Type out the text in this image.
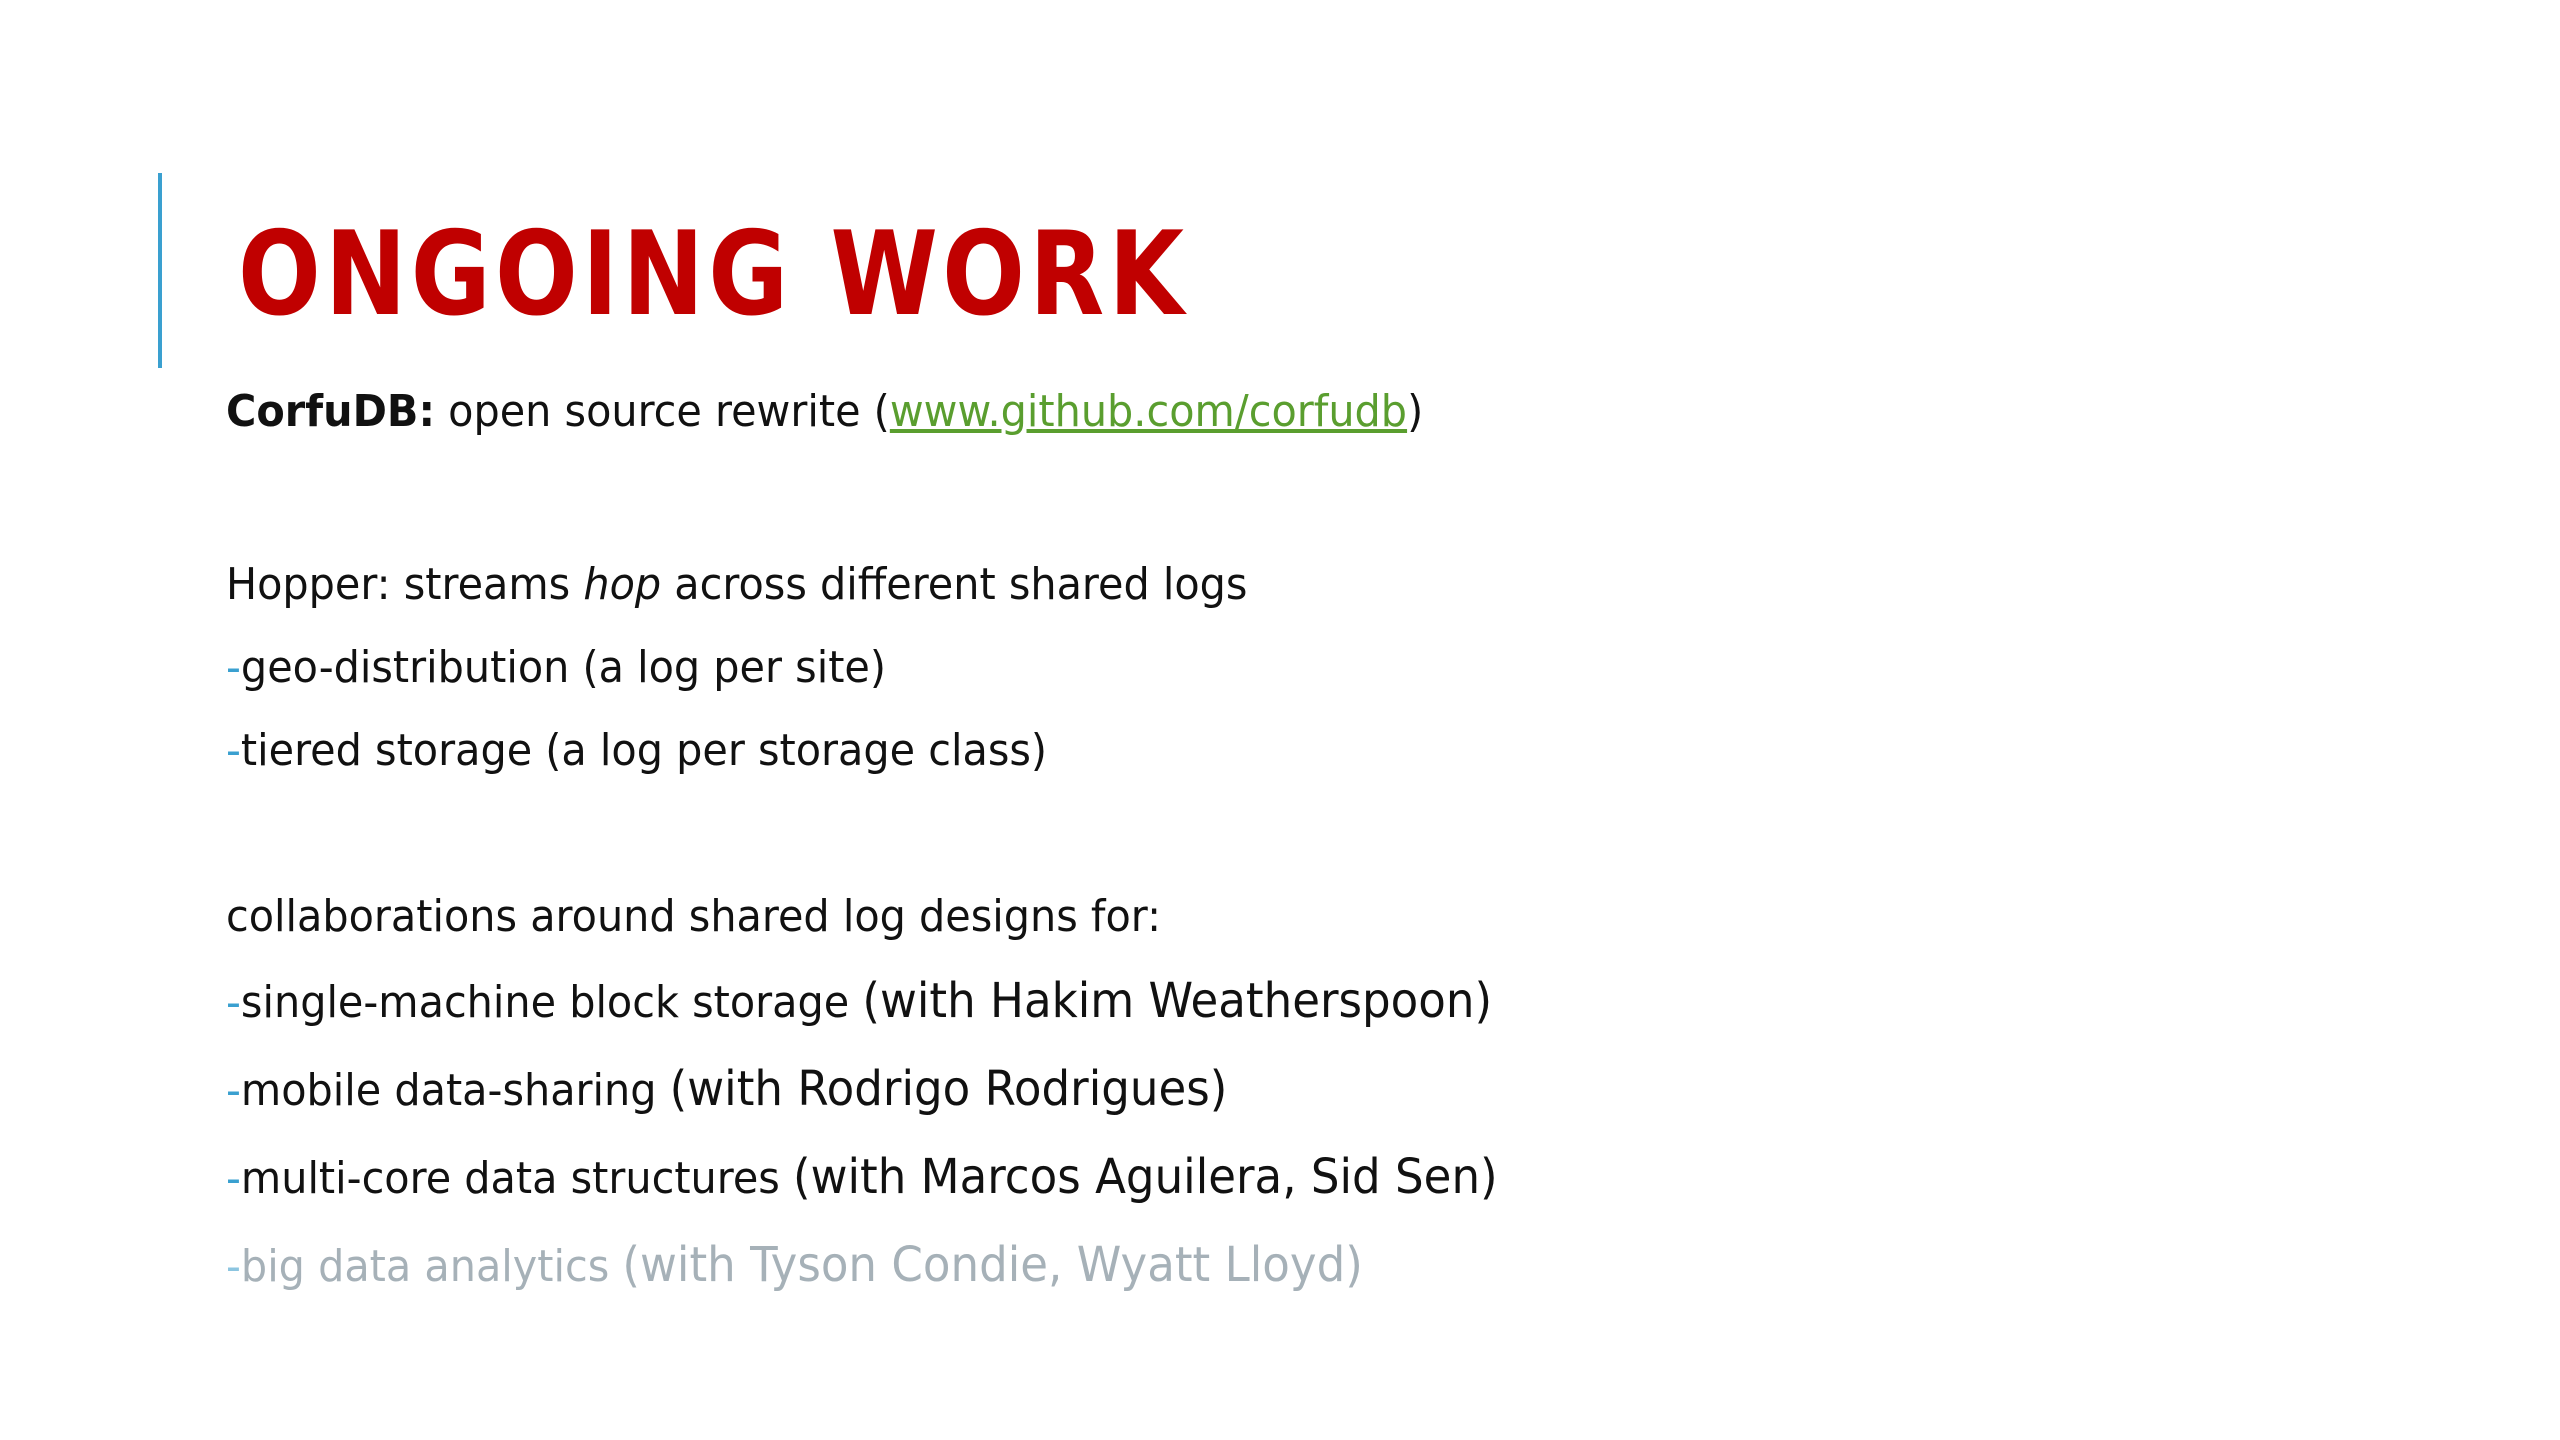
ONGOING WORK

CorfuDB: open source rewrite (www.github.com/corfudb)

Hopper: streams hop across different shared logs

-geo-distribution (a log per site)

-tiered storage (a log per storage class)

collaborations around shared log designs for:

-single-machine block storage (with Hakim Weatherspoon)

-mobile data-sharing (with Rodrigo Rodrigues)

-multi-core data structures (with Marcos Aguilera, Sid Sen)

-big data analytics (with Tyson Condie, Wyatt Lloyd)
